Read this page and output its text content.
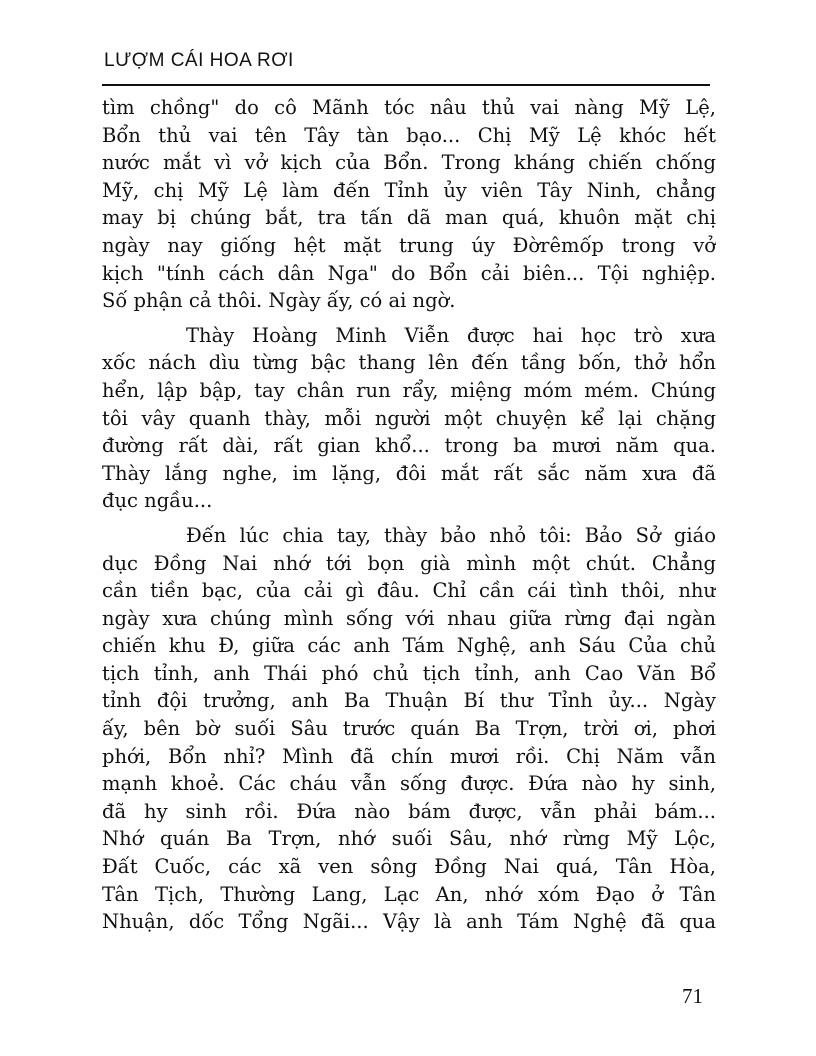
LƯỢM CÁI HOA RƠI
tìm chồng" do cô Mãnh tóc nâu thủ vai nàng Mỹ Lệ,
Bổn thủ vai tên Tây tàn bạo... Chị Mỹ Lệ khóc hết
nước mắt vì vở kịch của Bổn. Trong kháng chiến chống
Mỹ, chị Mỹ Lệ làm đến Tỉnh ủy viên Tây Ninh, chẳng
may bị chúng bắt, tra tấn dã man quá, khuôn mặt chị
ngày nay giống hệt mặt trung úy Đờrêmốp trong vở
kịch "tính cách dân Nga" do Bổn cải biên... Tội nghiệp.
Số phận cả thôi. Ngày ấy, có ai ngờ.
Thày Hoàng Minh Viễn được hai học trò xưa
xốc nách dìu từng bậc thang lên đến tầng bốn, thở hổn
hển, lập bập, tay chân run rẩy, miệng móm mém. Chúng
tôi vây quanh thày, mỗi người một chuyện kể lại chặng
đường rất dài, rất gian khổ... trong ba mươi năm qua.
Thày lắng nghe, im lặng, đôi mắt rất sắc năm xưa đã
đục ngầu...
Đến lúc chia tay, thày bảo nhỏ tôi: Bảo Sở giáo
dục Đồng Nai nhớ tới bọn già mình một chút. Chẳng
cần tiền bạc, của cải gì đâu. Chỉ cần cái tình thôi, như
ngày xưa chúng mình sống với nhau giữa rừng đại ngàn
chiến khu Đ, giữa các anh Tám Nghệ, anh Sáu Của chủ
tịch tỉnh, anh Thái phó chủ tịch tỉnh, anh Cao Văn Bổ
tỉnh đội trưởng, anh Ba Thuận Bí thư Tỉnh ủy... Ngày
ấy, bên bờ suối Sâu trước quán Ba Trợn, trời ơi, phơi
phới, Bổn nhỉ? Mình đã chín mươi rồi. Chị Năm vẫn
mạnh khoẻ. Các cháu vẫn sống được. Đứa nào hy sinh,
đã hy sinh rồi. Đứa nào bám được, vẫn phải bám...
Nhớ quán Ba Trợn, nhớ suối Sâu, nhớ rừng Mỹ Lộc,
Đất Cuốc, các xã ven sông Đồng Nai quá, Tân Hòa,
Tân Tịch, Thường Lang, Lạc An, nhớ xóm Đạo ở Tân
Nhuận, dốc Tổng Ngãi... Vậy là anh Tám Nghệ đã qua
71
